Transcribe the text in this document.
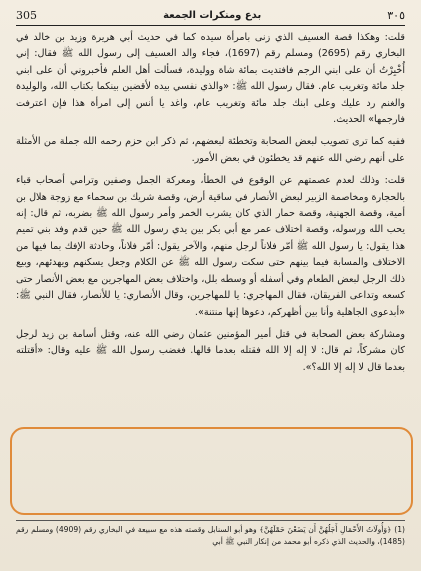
٣٠٥
بدع ومنكرات الجمعة
305

قلت: وهكذا قصة العسيف الذي زنى بامرأة سيده كما في حديث أبي هريرة وزيد بن خالد في البخاري رقم (2695) ومسلم رقم (1697)، فجاء والد العسيف إلى رسول الله ﷺ فقال: إني أُخْبِرْتُ أن على ابني الرجم فافتديت بمائة شاة ووليدة، فسألت أهل العلم فأخبروني أن على ابني جلد مائة وتغريب عام. فقال رسول الله ﷺ: «والذي نفسي بيده لأقضين بينكما بكتاب الله، والوليدة والغنم رد عليك وعلى ابنك جلد مائة وتغريب عام، واغد يا أنس إلى امرأة هذا فإن اعترفت فارجمها» الحديث.

ففيه كما ترى تصويب لبعض الصحابة وتخطئة لبعضهم، ثم ذكر ابن حزم رحمه الله جملة من الأمثلة على أنهم رضي الله عنهم قد يخطئون في بعض الأمور.

قلت: وذلك لعدم عصمتهم عن الوقوع في الخطأ، ومعركة الجمل وصفين وترامي أصحاب قباء بالحجارة ومخاصمة الزبير لبعض الأنصار في ساقية أرض، وقصة شريك بن سحماء مع زوجة هلال بن أمية، وقصة الجهنية، وقصة حمار الذي كان يشرب الخمر وأمر رسول الله ﷺ بضربه، ثم قال: إنه يحب الله ورسوله، وقصة اختلاف عمر مع أبي بكر بين يدي رسول الله ﷺ حين قدم وفد بني تميم هذا يقول: يا رسول الله ﷺ أمّر فلاناً لرجل منهم، والآخر يقول: أمّر فلاناً، وحادثة الإفك بما فيها من الاختلاف والمسابة فيما بينهم حتى سكت رسول الله ﷺ عن الكلام وجعل يسكنهم ويهدئهم، وبيع ذلك الرجل لبعض الطعام وفي أسفله أو وسطه بلل، واختلاف بعض المهاجرين مع بعض الأنصار حتى كسعه وتداعى الفريقان، فقال المهاجري: يا للمهاجرين، وقال الأنصاري: يا للأنصار، فقال النبي ﷺ: «أبدعوى الجاهلية وأنا بين أظهركم، دعوها إنها منتنة».

ومشاركة بعض الصحابة في قتل أمير المؤمنين عثمان رضي الله عنه، وقتل أسامة بن زيد لرجل كان مشركاً، ثم قال: لا إله إلا الله فقتله بعدما قالها. فغضب رسول الله ﷺ عليه وقال: «أقتلته بعدما قال لا إله إلا الله؟».

(1) ﴿وَأُولَاتُ الأَحْمَالِ أَجَلُهُنَّ أَن يَضَعْنَ حَمْلَهُنَّ﴾ وهو أبو السنابل وقصته هذه مع سبيعة في البخاري رقم (4909) ومسلم رقم (1485)، والحديث الذي ذكره أبو محمد من إنكار النبي ﷺ أبي
